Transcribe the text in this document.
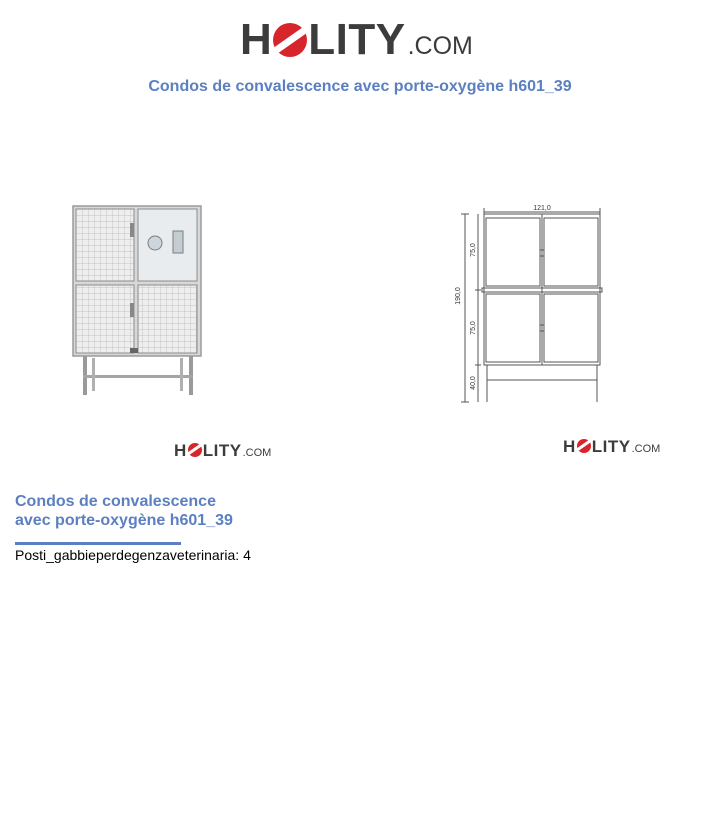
H LITY .COM
Condos de convalescence avec porte-oxygène h601_39
H LITY .COM
121,0
190,0
75,0
75,0
40,0
H LITY .COM
Condos de convalescence
avec porte-oxygène h601_39
Posti_gabbieperdegenzaveterinaria: 4
